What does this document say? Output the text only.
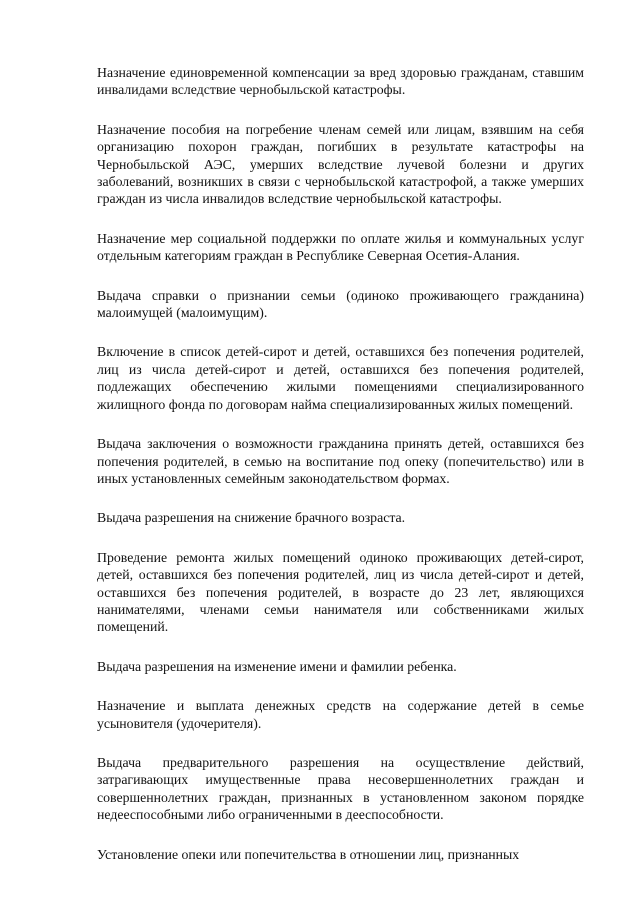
Назначение единовременной компенсации за вред здоровью гражданам, ставшим инвалидами вследствие чернобыльской катастрофы.

Назначение пособия на погребение членам семей или лицам, взявшим на себя организацию похорон граждан, погибших в результате катастрофы на Чернобыльской АЭС, умерших вследствие лучевой болезни и других заболеваний, возникших в связи с чернобыльской катастрофой, а также умерших граждан из числа инвалидов вследствие чернобыльской катастрофы.

Назначение мер социальной поддержки по оплате жилья и коммунальных услуг отдельным категориям граждан в Республике Северная Осетия-Алания.

Выдача справки о признании семьи (одиноко проживающего гражданина) малоимущей (малоимущим).

Включение в список детей-сирот и детей, оставшихся без попечения родителей, лиц из числа детей-сирот и детей, оставшихся без попечения родителей, подлежащих обеспечению жилыми помещениями специализированного жилищного фонда по договорам найма специализированных жилых помещений.

Выдача заключения о возможности гражданина принять детей, оставшихся без попечения родителей, в семью на воспитание под опеку (попечительство) или в иных установленных семейным законодательством формах.

Выдача разрешения на снижение брачного возраста.

Проведение ремонта жилых помещений одиноко проживающих детей-сирот, детей, оставшихся без попечения родителей, лиц из числа детей-сирот и детей, оставшихся без попечения родителей, в возрасте до 23 лет, являющихся нанимателями, членами семьи нанимателя или собственниками жилых помещений.

Выдача разрешения на изменение имени и фамилии ребенка.

Назначение и выплата денежных средств на содержание детей в семье усыновителя (удочерителя).

Выдача предварительного разрешения на осуществление действий, затрагивающих имущественные права несовершеннолетних граждан и совершеннолетних граждан, признанных в установленном законом порядке недееспособными либо ограниченными в дееспособности.

Установление опеки или попечительства в отношении лиц, признанных
